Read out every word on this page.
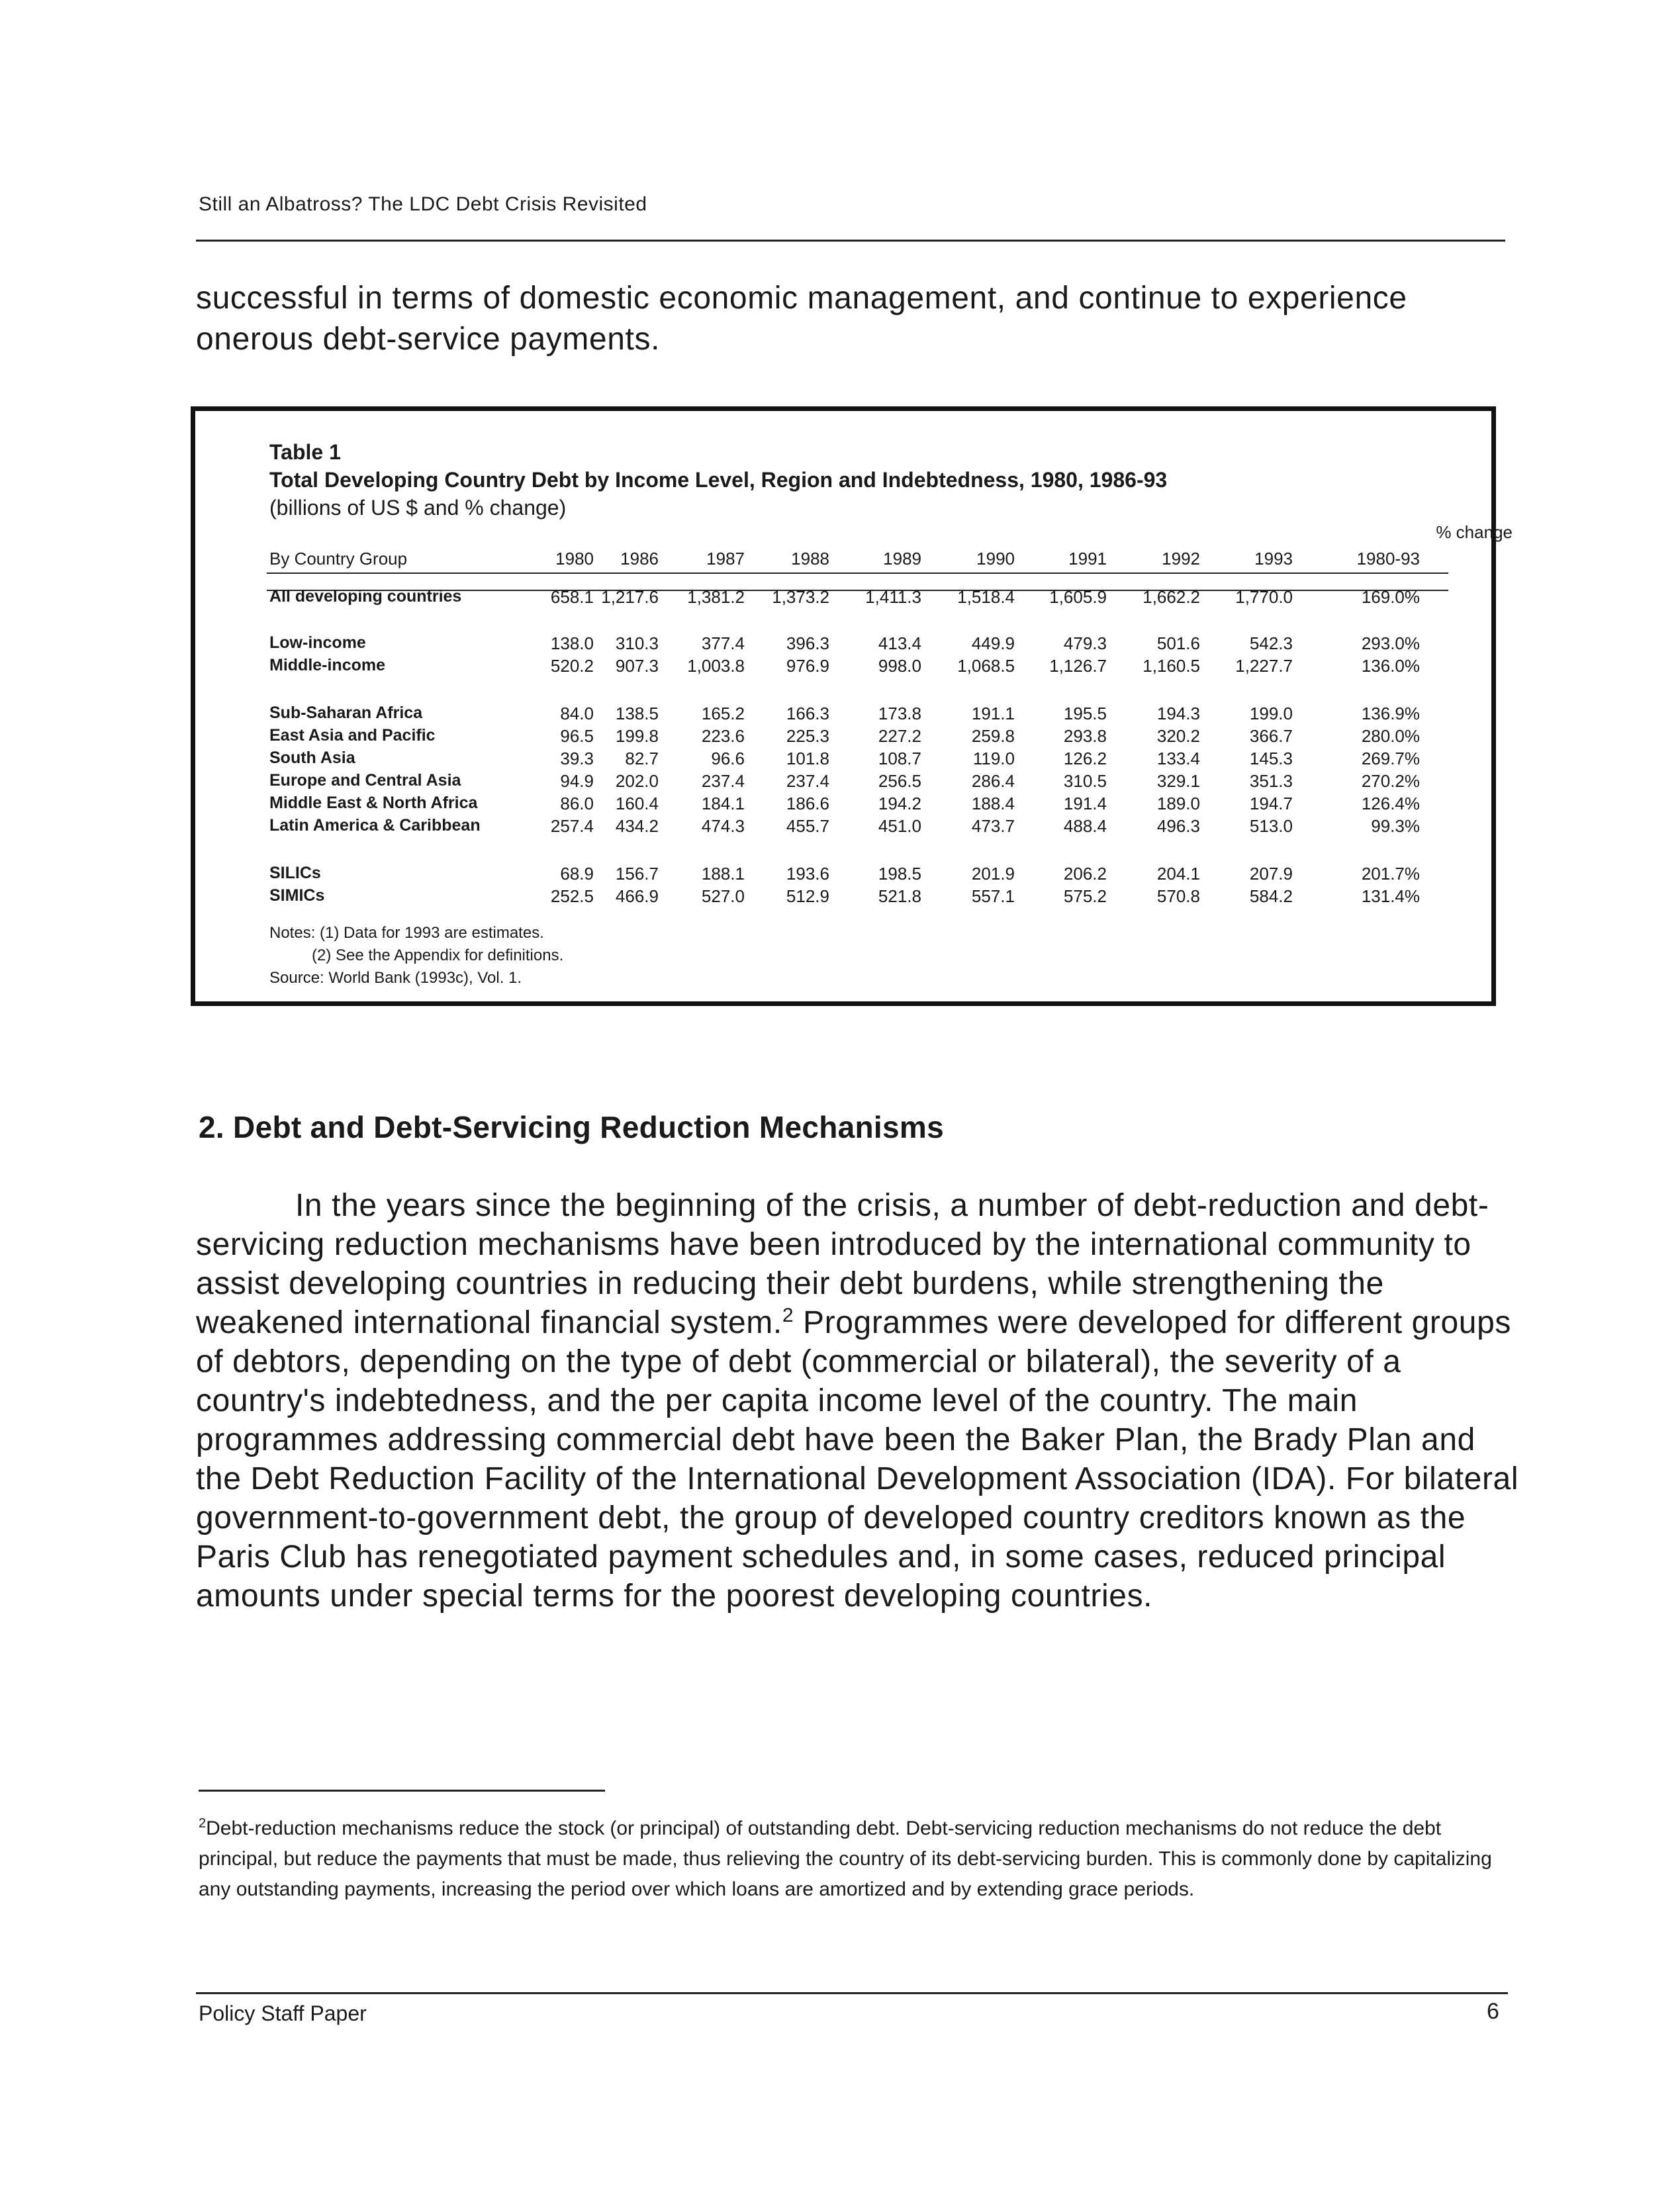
Still an Albatross? The LDC Debt Crisis Revisited
successful in terms of domestic economic management, and continue to experience onerous debt-service payments.
Table 1
Total Developing Country Debt by Income Level, Region and Indebtedness, 1980, 1986-93
(billions of US $ and % change)
% change
By Country Group	1980	1986	1987	1988	1989	1990	1991	1992	1993	1980-93
All developing countries	658.1 1,217.6	1,381.2	1,373.2	1,411.3	1,518.4	1,605.9	1,662.2	1,770.0	169.0%
Low-income	138.0	310.3	377.4	396.3	413.4	449.9	479.3	501.6	542.3	293.0%
Middle-income	520.2	907.3	1,003.8	976.9	998.0	1,068.5	1,126.7	1,160.5	1,227.7	136.0%
Sub-Saharan Africa	84.0	138.5	165.2	166.3	173.8	191.1	195.5	194.3	199.0	136.9%
East Asia and Pacific	96.5	199.8	223.6	225.3	227.2	259.8	293.8	320.2	366.7	280.0%
South Asia	39.3	82.7	96.6	101.8	108.7	119.0	126.2	133.4	145.3	269.7%
Europe and Central Asia	94.9	202.0	237.4	237.4	256.5	286.4	310.5	329.1	351.3	270.2%
Middle East & North Africa	86.0	160.4	184.1	186.6	194.2	188.4	191.4	189.0	194.7	126.4%
Latin America & Caribbean	257.4	434.2	474.3	455.7	451.0	473.7	488.4	496.3	513.0	99.3%
SILICs	68.9	156.7	188.1	193.6	198.5	201.9	206.2	204.1	207.9	201.7%
SIMICs	252.5	466.9	527.0	512.9	521.8	557.1	575.2	570.8	584.2	131.4%
Notes: (1) Data for 1993 are estimates.
(2) See the Appendix for definitions.
Source: World Bank (1993c), Vol. 1.
2. Debt and Debt-Servicing Reduction Mechanisms
In the years since the beginning of the crisis, a number of debt-reduction and debt-servicing reduction mechanisms have been introduced by the international community to assist developing countries in reducing their debt burdens, while strengthening the weakened international financial system.$^2$ Programmes were developed for different groups of debtors, depending on the type of debt (commercial or bilateral), the severity of a country's indebtedness, and the per capita income level of the country. The main programmes addressing commercial debt have been the Baker Plan, the Brady Plan and the Debt Reduction Facility of the International Development Association (IDA). For bilateral government-to-government debt, the group of developed country creditors known as the Paris Club has renegotiated payment schedules and, in some cases, reduced principal amounts under special terms for the poorest developing countries.
$^2$Debt-reduction mechanisms reduce the stock (or principal) of outstanding debt. Debt-servicing reduction mechanisms do not reduce the debt principal, but reduce the payments that must be made, thus relieving the country of its debt-servicing burden. This is commonly done by capitalizing any outstanding payments, increasing the period over which loans are amortized and by extending grace periods.
Policy Staff Paper	6
